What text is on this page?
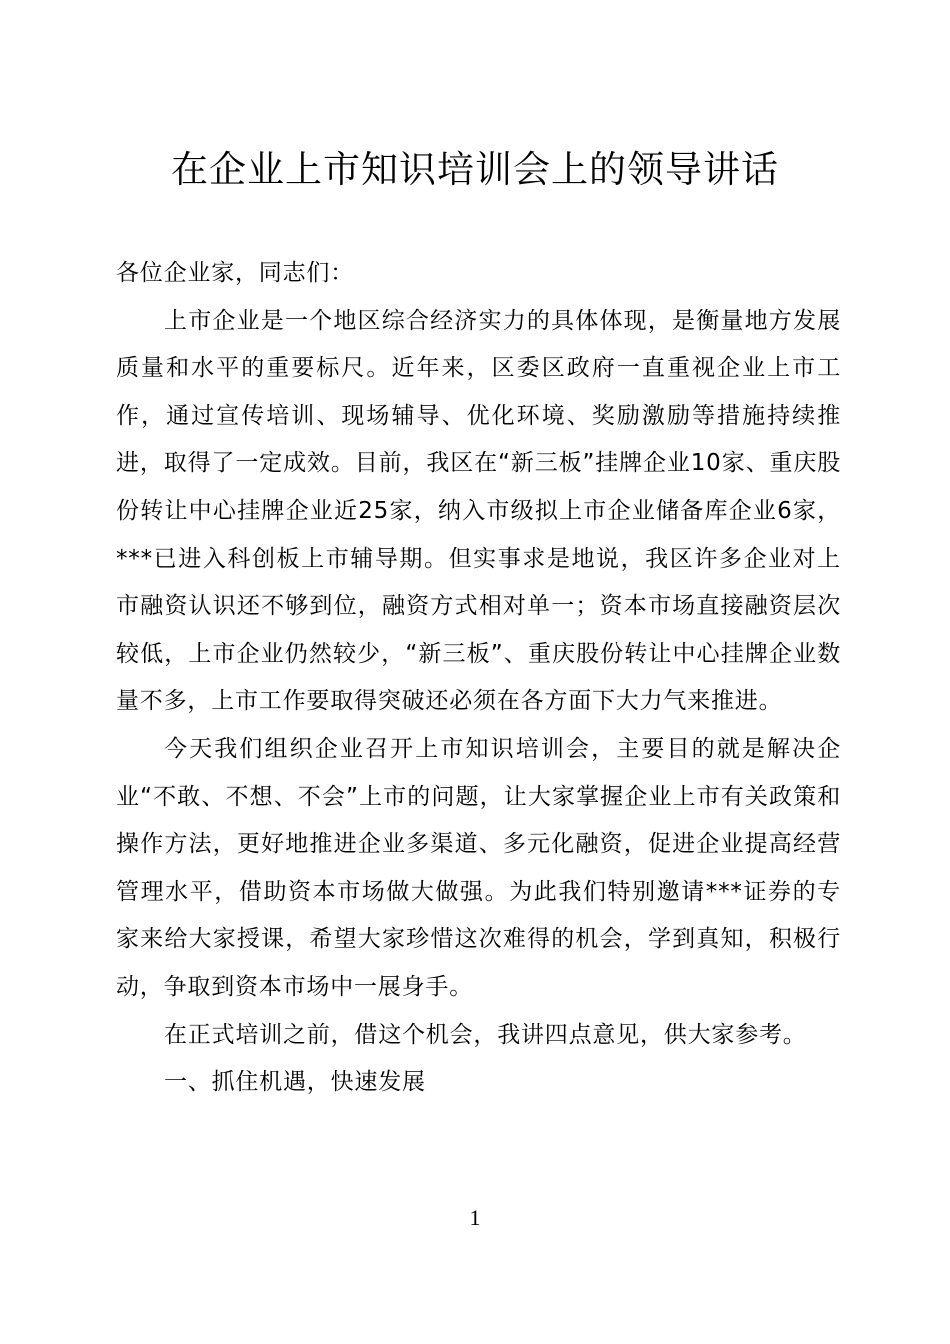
在企业上市知识培训会上的领导讲话

各位企业家，同志们：

上市企业是一个地区综合经济实力的具体体现，是衡量地方发展质量和水平的重要标尺。近年来，区委区政府一直重视企业上市工作，通过宣传培训、现场辅导、优化环境、奖励激励等措施持续推进，取得了一定成效。目前，我区在“新三板”挂牌企业10家、重庆股份转让中心挂牌企业近25家，纳入市级拟上市企业储备库企业6家，***已进入科创板上市辅导期。但实事求是地说，我区许多企业对上市融资认识还不够到位，融资方式相对单一；资本市场直接融资层次较低，上市企业仍然较少，“新三板”、重庆股份转让中心挂牌企业数量不多，上市工作要取得突破还必须在各方面下大力气来推进。

今天我们组织企业召开上市知识培训会，主要目的就是解决企业“不敢、不想、不会”上市的问题，让大家掌握企业上市有关政策和操作方法，更好地推进企业多渠道、多元化融资，促进企业提高经营管理水平，借助资本市场做大做强。为此我们特别邀请***证券的专家来给大家授课，希望大家珍惜这次难得的机会，学到真知，积极行动，争取到资本市场中一展身手。

在正式培训之前，借这个机会，我讲四点意见，供大家参考。

一、抓住机遇，快速发展

1
